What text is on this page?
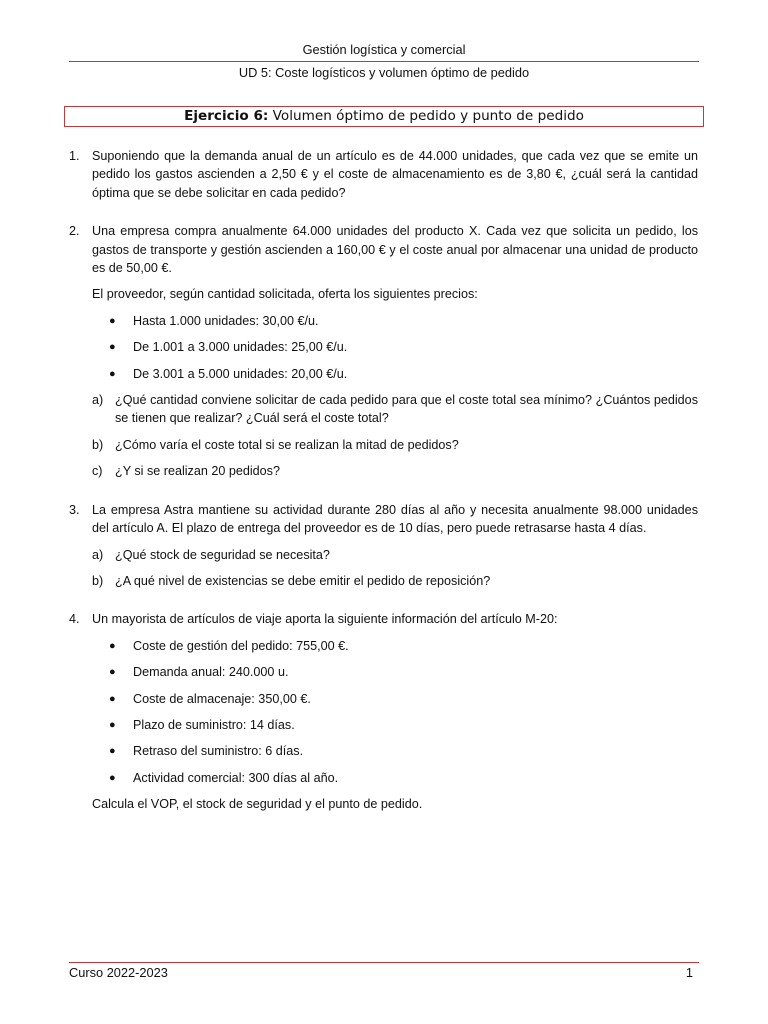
Gestión logística y comercial
UD 5: Coste logísticos y volumen óptimo de pedido
Ejercicio 6: Volumen óptimo de pedido y punto de pedido
1. Suponiendo que la demanda anual de un artículo es de 44.000 unidades, que cada vez que se emite un pedido los gastos ascienden a 2,50 € y el coste de almacenamiento es de 3,80 €, ¿cuál será la cantidad óptima que se debe solicitar en cada pedido?
2. Una empresa compra anualmente 64.000 unidades del producto X. Cada vez que solicita un pedido, los gastos de transporte y gestión ascienden a 160,00 € y el coste anual por almacenar una unidad de producto es de 50,00 €.
El proveedor, según cantidad solicitada, oferta los siguientes precios:
● Hasta 1.000 unidades: 30,00 €/u.
● De 1.001 a 3.000 unidades: 25,00 €/u.
● De 3.001 a 5.000 unidades: 20,00 €/u.
a) ¿Qué cantidad conviene solicitar de cada pedido para que el coste total sea mínimo? ¿Cuántos pedidos se tienen que realizar? ¿Cuál será el coste total?
b) ¿Cómo varía el coste total si se realizan la mitad de pedidos?
c) ¿Y si se realizan 20 pedidos?
3. La empresa Astra mantiene su actividad durante 280 días al año y necesita anualmente 98.000 unidades del artículo A. El plazo de entrega del proveedor es de 10 días, pero puede retrasarse hasta 4 días.
a) ¿Qué stock de seguridad se necesita?
b) ¿A qué nivel de existencias se debe emitir el pedido de reposición?
4. Un mayorista de artículos de viaje aporta la siguiente información del artículo M-20:
● Coste de gestión del pedido: 755,00 €.
● Demanda anual: 240.000 u.
● Coste de almacenaje: 350,00 €.
● Plazo de suministro: 14 días.
● Retraso del suministro: 6 días.
● Actividad comercial: 300 días al año.
Calcula el VOP, el stock de seguridad y el punto de pedido.
Curso 2022-2023	1
